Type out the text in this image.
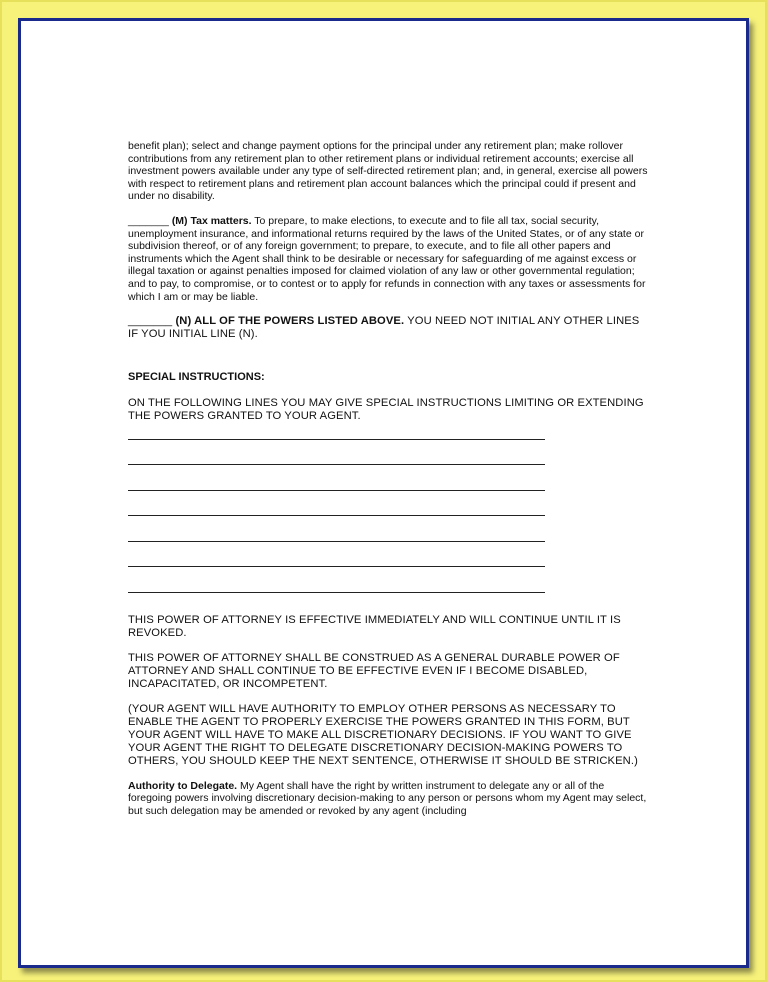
benefit plan); select and change payment options for the principal under any retirement plan; make rollover contributions from any retirement plan to other retirement plans or individual retirement accounts; exercise all investment powers available under any type of self-directed retirement plan; and, in general, exercise all powers with respect to retirement plans and retirement plan account balances which the principal could if present and under no disability.

_______ (M) Tax matters. To prepare, to make elections, to execute and to file all tax, social security, unemployment insurance, and informational returns required by the laws of the United States, or of any state or subdivision thereof, or of any foreign government; to prepare, to execute, and to file all other papers and instruments which the Agent shall think to be desirable or necessary for safeguarding of me against excess or illegal taxation or against penalties imposed for claimed violation of any law or other governmental regulation; and to pay, to compromise, or to contest or to apply for refunds in connection with any taxes or assessments for which I am or may be liable.

_______ (N) ALL OF THE POWERS LISTED ABOVE. YOU NEED NOT INITIAL ANY OTHER LINES IF YOU INITIAL LINE (N).

SPECIAL INSTRUCTIONS:

ON THE FOLLOWING LINES YOU MAY GIVE SPECIAL INSTRUCTIONS LIMITING OR EXTENDING THE POWERS GRANTED TO YOUR AGENT.

THIS POWER OF ATTORNEY IS EFFECTIVE IMMEDIATELY AND WILL CONTINUE UNTIL IT IS REVOKED.

THIS POWER OF ATTORNEY SHALL BE CONSTRUED AS A GENERAL DURABLE POWER OF ATTORNEY AND SHALL CONTINUE TO BE EFFECTIVE EVEN IF I BECOME DISABLED, INCAPACITATED, OR INCOMPETENT.

(YOUR AGENT WILL HAVE AUTHORITY TO EMPLOY OTHER PERSONS AS NECESSARY TO ENABLE THE AGENT TO PROPERLY EXERCISE THE POWERS GRANTED IN THIS FORM, BUT YOUR AGENT WILL HAVE TO MAKE ALL DISCRETIONARY DECISIONS. IF YOU WANT TO GIVE YOUR AGENT THE RIGHT TO DELEGATE DISCRETIONARY DECISION-MAKING POWERS TO OTHERS, YOU SHOULD KEEP THE NEXT SENTENCE, OTHERWISE IT SHOULD BE STRICKEN.)

Authority to Delegate. My Agent shall have the right by written instrument to delegate any or all of the foregoing powers involving discretionary decision-making to any person or persons whom my Agent may select, but such delegation may be amended or revoked by any agent (including
